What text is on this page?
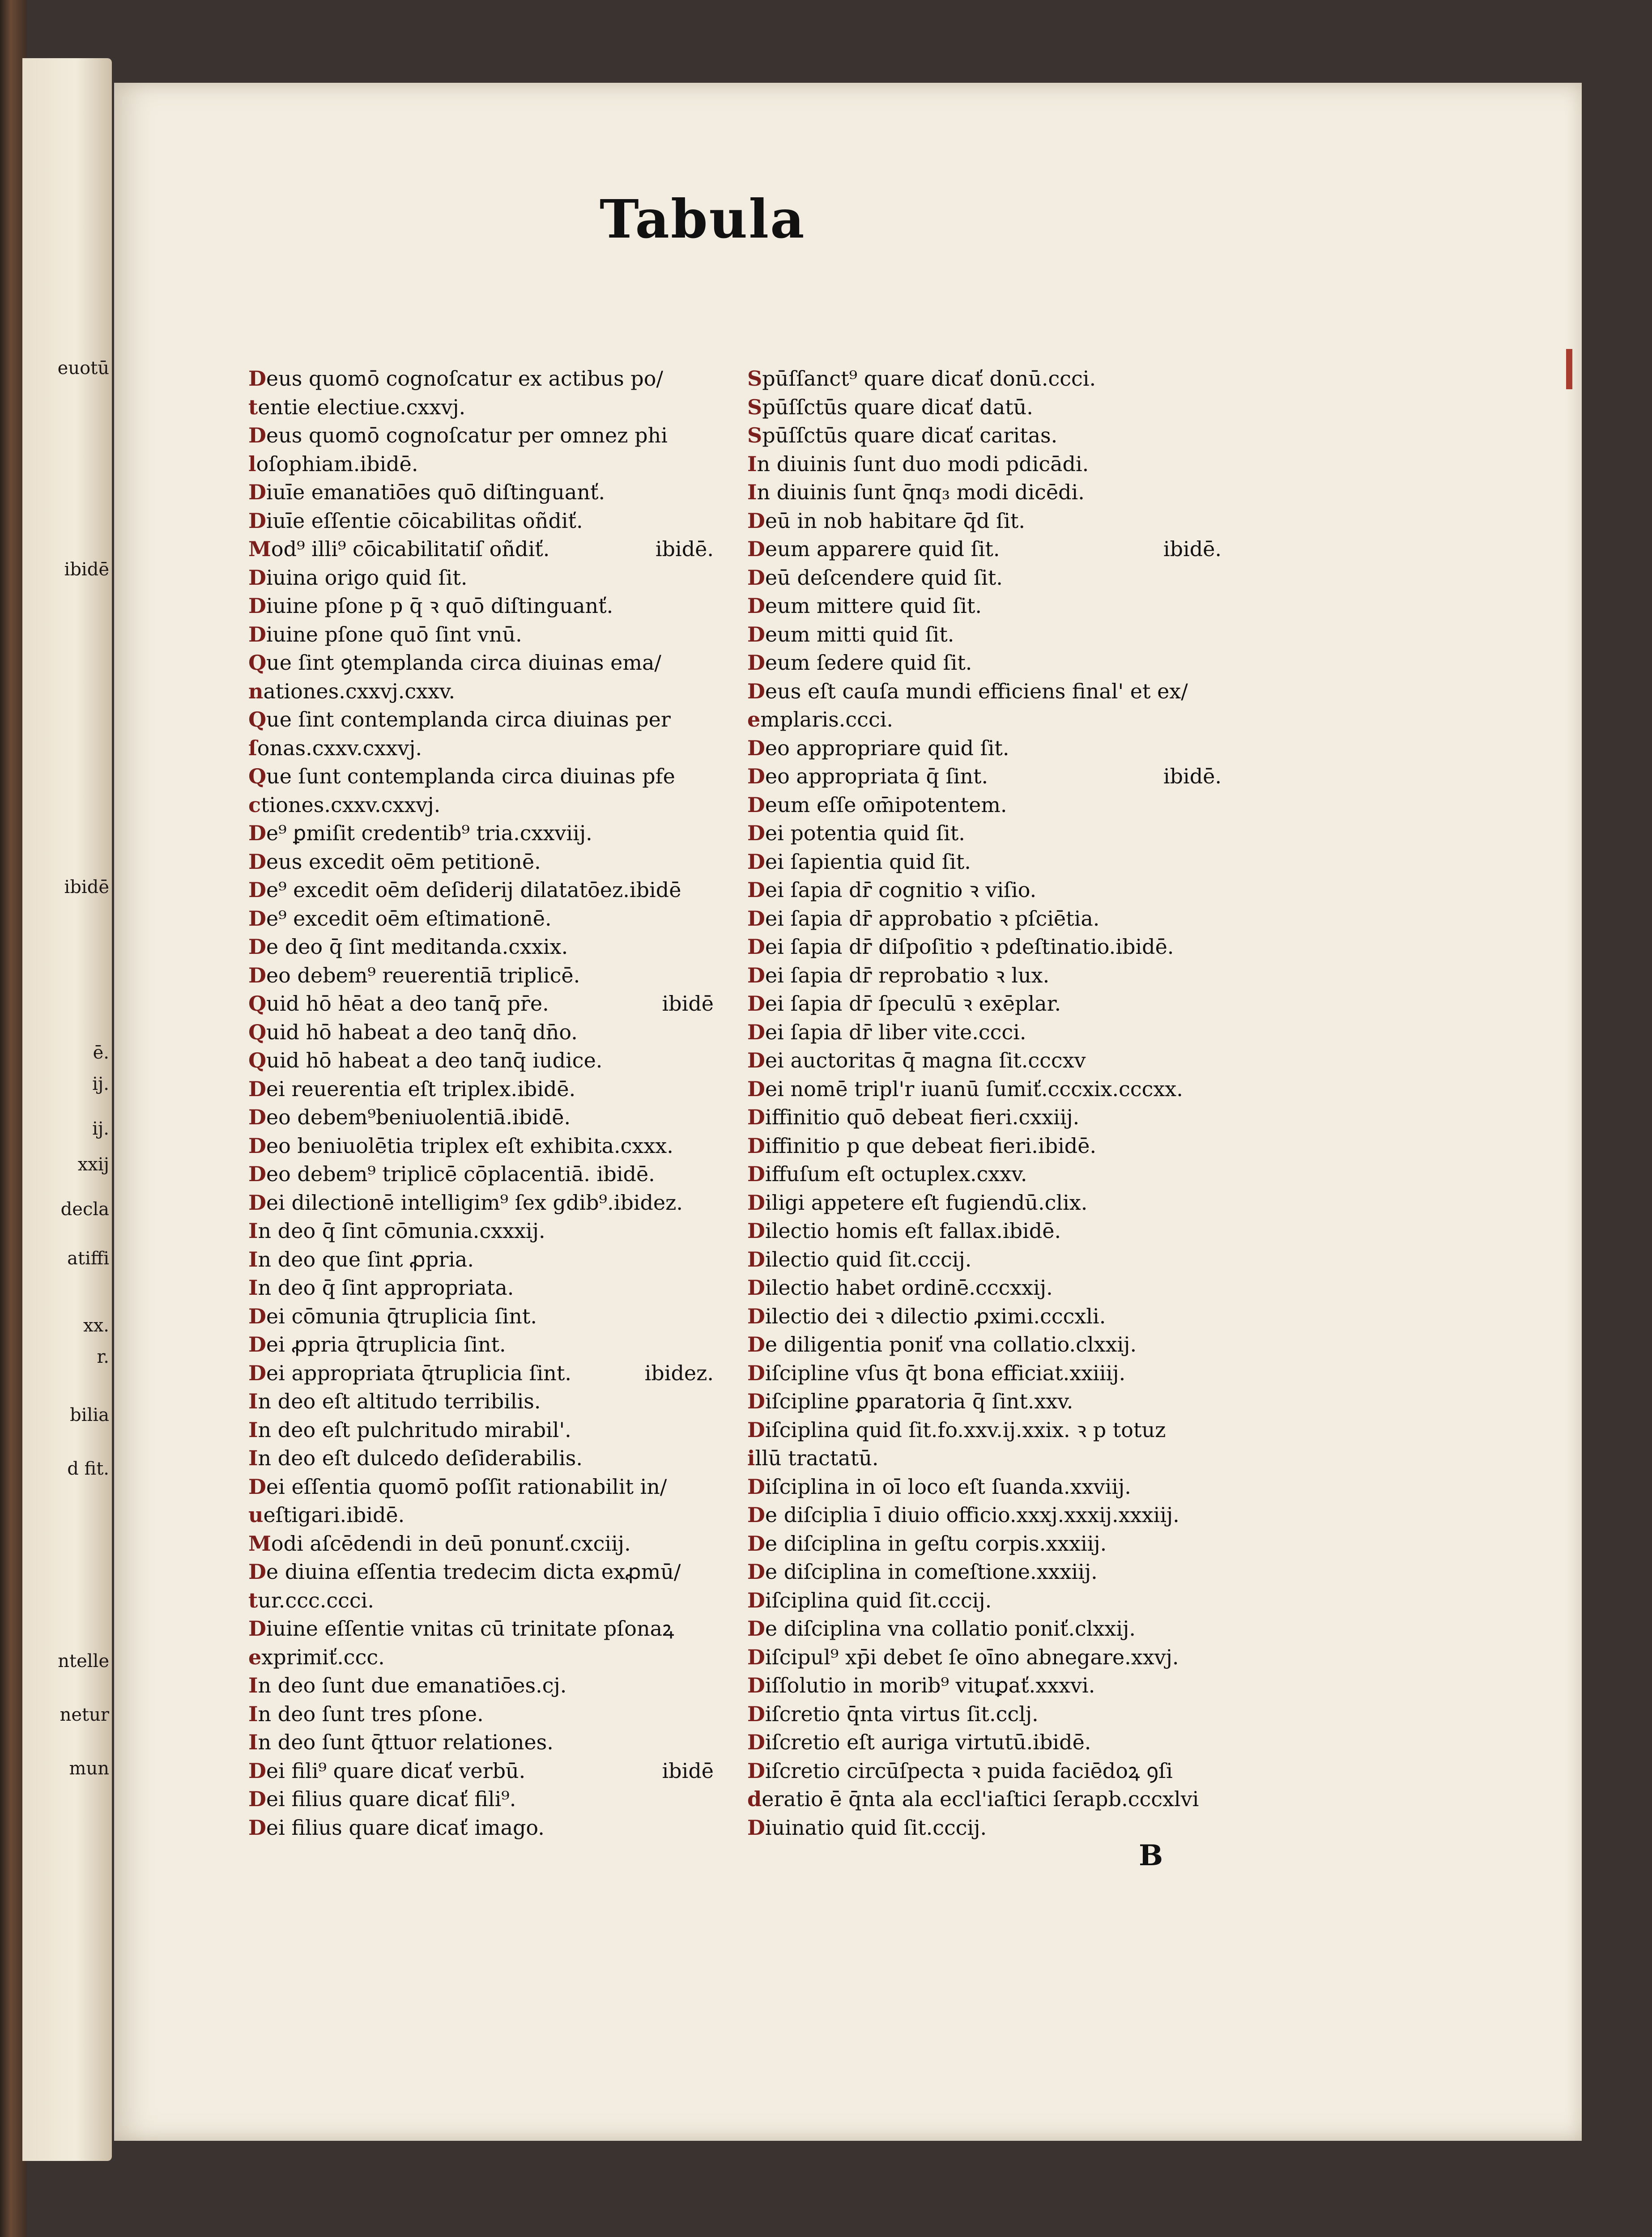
euotū
ibidē
ibidē
ē.
ij.
ij.
xxij
decla
atiffi
xx.
r.
bilia
d fit.
ntelle
netur
mun
Tabula
Deus quomō cognoſcatur ex actibus po/
tentie electiue.cxxvj.
Deus quomō cognoſcatur per omnez phi
loſophiam.ibidē.
Diuīe emanatiōes quō diſtinguanť.
Diuīe eſſentie cōicabilitas oñdiť.
Mod⁹ illi⁹ cōicabilitatiſ oñdiť.	ibidē.
Diuina origo quid ſit.
Diuine pſone p q̄ ꝛ quō diſtinguanť.
Diuine pſone quō ſint vnū.
Que ſint ꝯtemplanda circa diuinas ema/
nationes.cxxvj.cxxv.
Que ſint contemplanda circa diuinas per
ſonas.cxxv.cxxvj.
Que ſunt contemplanda circa diuinas pfe
ctiones.cxxv.cxxvj.
De⁹ ꝑmiſit credentib⁹ tria.cxxviij.
Deus excedit oēm petitionē.
De⁹ excedit oēm deſiderij dilatatōez.ibidē
De⁹ excedit oēm eſtimationē.
De deo q̄ ſint meditanda.cxxix.
Deo debem⁹ reuerentiā triplicē.
Quid hō hēat a deo tanq̄ pr̄e.	ibidē
Quid hō habeat a deo tanq̄ dn̄o.
Quid hō habeat a deo tanq̄ iudice.
Dei reuerentia eſt triplex.ibidē.
Deo debem⁹beniuolentiā.ibidē.
Deo beniuolētia triplex eſt exhibita.cxxx.
Deo debem⁹ triplicē cōplacentiā. ibidē.
Dei dilectionē intelligim⁹ ſex gdib⁹.ibidez.
In deo q̄ ſint cōmunia.cxxxij.
In deo que ſint ꝓpria.
In deo q̄ ſint appropriata.
Dei cōmunia q̄truplicia ſint.
Dei ꝓpria q̄truplicia ſint.
Dei appropriata q̄truplicia ſint.	ibidez.
In deo eſt altitudo terribilis.
In deo eſt pulchritudo mirabil'.
In deo eſt dulcedo deſiderabilis.
Dei eſſentia quomō poſſit rationabilit in/
ueſtigari.ibidē.
Modi aſcēdendi in deū ponunť.cxciij.
De diuina eſſentia tredecim dicta exꝓmū/
tur.ccc.ccci.
Diuine eſſentie vnitas cū trinitate pſonaꝝ
exprimiť.ccc.
In deo ſunt due emanatiōes.cj.
In deo ſunt tres pſone.
In deo ſunt q̄ttuor relationes.
Dei fili⁹ quare dicať verbū.	ibidē
Dei filius quare dicať fili⁹.
Dei filius quare dicať imago.
Spūſſanct⁹ quare dicať donū.ccci.
Spūſſctūs quare dicať datū.
Spūſſctūs quare dicať caritas.
In diuinis ſunt duo modi pdicādi.
In diuinis ſunt q̄nq₃ modi dicēdi.
Deū in nob habitare q̄d ſit.
Deum apparere quid ſit.	ibidē.
Deū deſcendere quid ſit.
Deum mittere quid ſit.
Deum mitti quid ſit.
Deum ſedere quid ſit.
Deus eſt cauſa mundi efficiens final' et ex/
emplaris.ccci.
Deo appropriare quid ſit.
Deo appropriata q̄ ſint.	ibidē.
Deum eſſe om̄ipotentem.
Dei potentia quid ſit.
Dei ſapientia quid ſit.
Dei ſapia dr̄ cognitio ꝛ viſio.
Dei ſapia dr̄ approbatio ꝛ pſciētia.
Dei ſapia dr̄ diſpoſitio ꝛ pdeſtinatio.ibidē.
Dei ſapia dr̄ reprobatio ꝛ lux.
Dei ſapia dr̄ ſpeculū ꝛ exēplar.
Dei ſapia dr̄ liber vite.ccci.
Dei auctoritas q̄ magna ſit.cccxv
Dei nomē tripl'r iuanū ſumiť.cccxix.cccxx.
Diffinitio quō debeat fieri.cxxiij.
Diffinitio p que debeat fieri.ibidē.
Diffuſum eſt octuplex.cxxv.
Diligi appetere eſt fugiendū.clix.
Dilectio homis eſt fallax.ibidē.
Dilectio quid ſit.cccij.
Dilectio habet ordinē.cccxxij.
Dilectio dei ꝛ dilectio ꝓximi.cccxli.
De diligentia poniť vna collatio.clxxij.
Diſcipline vſus q̄t bona efficiat.xxiiij.
Diſcipline ꝑparatoria q̄ ſint.xxv.
Diſciplina quid ſit.fo.xxv.ij.xxix. ꝛ p totuz
illū tractatū.
Diſciplina in oī loco eſt ſuanda.xxviij.
De diſciplia ī diuio officio.xxxj.xxxij.xxxiij.
De diſciplina in geſtu corpis.xxxiij.
De diſciplina in comeſtione.xxxiij.
Diſciplina quid ſit.cccij.
De diſciplina vna collatio poniť.clxxij.
Diſcipul⁹ xp̄i debet ſe oīno abnegare.xxvj.
Diſſolutio in morib⁹ vituꝑať.xxxvi.
Diſcretio q̄nta virtus ſit.cclj.
Diſcretio eſt auriga virtutū.ibidē.
Diſcretio circūſpecta ꝛ puida faciēdoꝝ ꝯſi
deratio ē q̄nta ala eccl'iaſtici ſerapb.cccxlvi
Diuinatio quid ſit.cccij.
B
